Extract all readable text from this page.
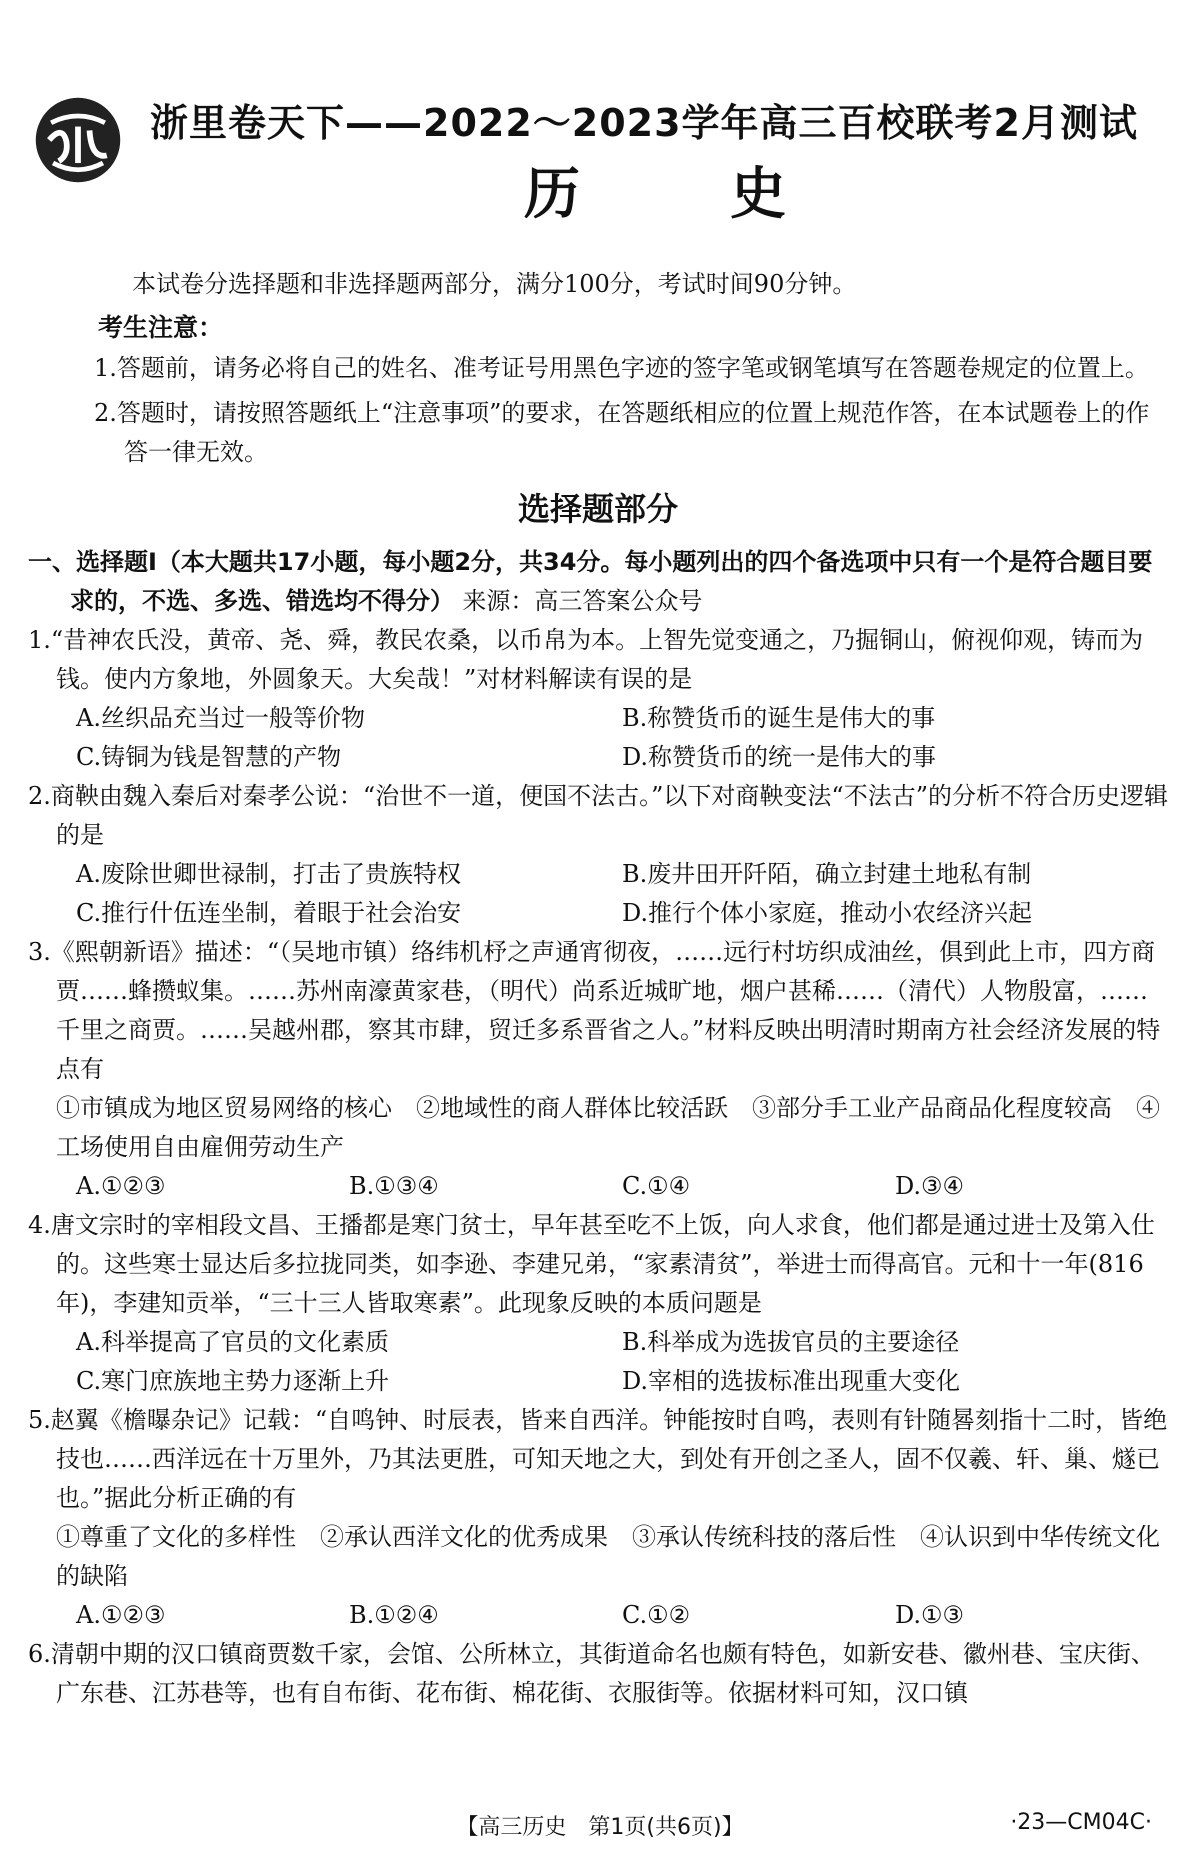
浙里卷天下——2022～2023学年高三百校联考2月测试
历史

本试卷分选择题和非选择题两部分，满分100分，考试时间90分钟。

考生注意：
1.答题前，请务必将自己的姓名、准考证号用黑色字迹的签字笔或钢笔填写在答题卷规定的位置上。
2.答题时，请按照答题纸上“注意事项”的要求，在答题纸相应的位置上规范作答，在本试题卷上的作答一律无效。
选择题部分

一、选择题Ⅰ（本大题共17小题，每小题2分，共34分。每小题列出的四个备选项中只有一个是符合题目要求的，不选、多选、错选均不得分） 来源：高三答案公众号

1.“昔神农氏没，黄帝、尧、舜，教民农桑，以币帛为本。上智先觉变通之，乃掘铜山，俯视仰观，铸而为钱。使内方象地，外圆象天。大矣哉！”对材料解读有误的是
A.丝织品充当过一般等价物	B.称赞货币的诞生是伟大的事
C.铸铜为钱是智慧的产物	D.称赞货币的统一是伟大的事
2.商鞅由魏入秦后对秦孝公说：“治世不一道，便国不法古。”以下对商鞅变法“不法古”的分析不符合历史逻辑的是
A.废除世卿世禄制，打击了贵族特权	B.废井田开阡陌，确立封建土地私有制
C.推行什伍连坐制，着眼于社会治安	D.推行个体小家庭，推动小农经济兴起
3.《熙朝新语》描述：“（吴地市镇）络纬机杼之声通宵彻夜，……远行村坊织成油丝，俱到此上市，四方商贾……蜂攒蚁集。……苏州南濠黄家巷，（明代）尚系近城旷地，烟户甚稀……（清代）人物殷富，……千里之商贾。……吴越州郡，察其市肆，贸迁多系晋省之人。”材料反映出明清时期南方社会经济发展的特点有
①市镇成为地区贸易网络的核心　②地域性的商人群体比较活跃　③部分手工业产品商品化程度较高　④工场使用自由雇佣劳动生产
A.①②③	B.①③④	C.①④	D.③④
4.唐文宗时的宰相段文昌、王播都是寒门贫士，早年甚至吃不上饭，向人求食，他们都是通过进士及第入仕的。这些寒士显达后多拉拢同类，如李逊、李建兄弟，“家素清贫”，举进士而得高官。元和十一年(816年)，李建知贡举，“三十三人皆取寒素”。此现象反映的本质问题是
A.科举提高了官员的文化素质	B.科举成为选拔官员的主要途径
C.寒门庶族地主势力逐渐上升	D.宰相的选拔标准出现重大变化
5.赵翼《檐曝杂记》记载：“自鸣钟、时辰表，皆来自西洋。钟能按时自鸣，表则有针随晷刻指十二时，皆绝技也……西洋远在十万里外，乃其法更胜，可知天地之大，到处有开创之圣人，固不仅羲、轩、巢、燧已也。”据此分析正确的有
①尊重了文化的多样性　②承认西洋文化的优秀成果　③承认传统科技的落后性　④认识到中华传统文化的缺陷
A.①②③	B.①②④	C.①②	D.①③
6.清朝中期的汉口镇商贾数千家，会馆、公所林立，其街道命名也颇有特色，如新安巷、徽州巷、宝庆街、广东巷、江苏巷等，也有自布街、花布街、棉花街、衣服街等。依据材料可知，汉口镇
【高三历史　第1页(共6页)】	·23—CM04C·
